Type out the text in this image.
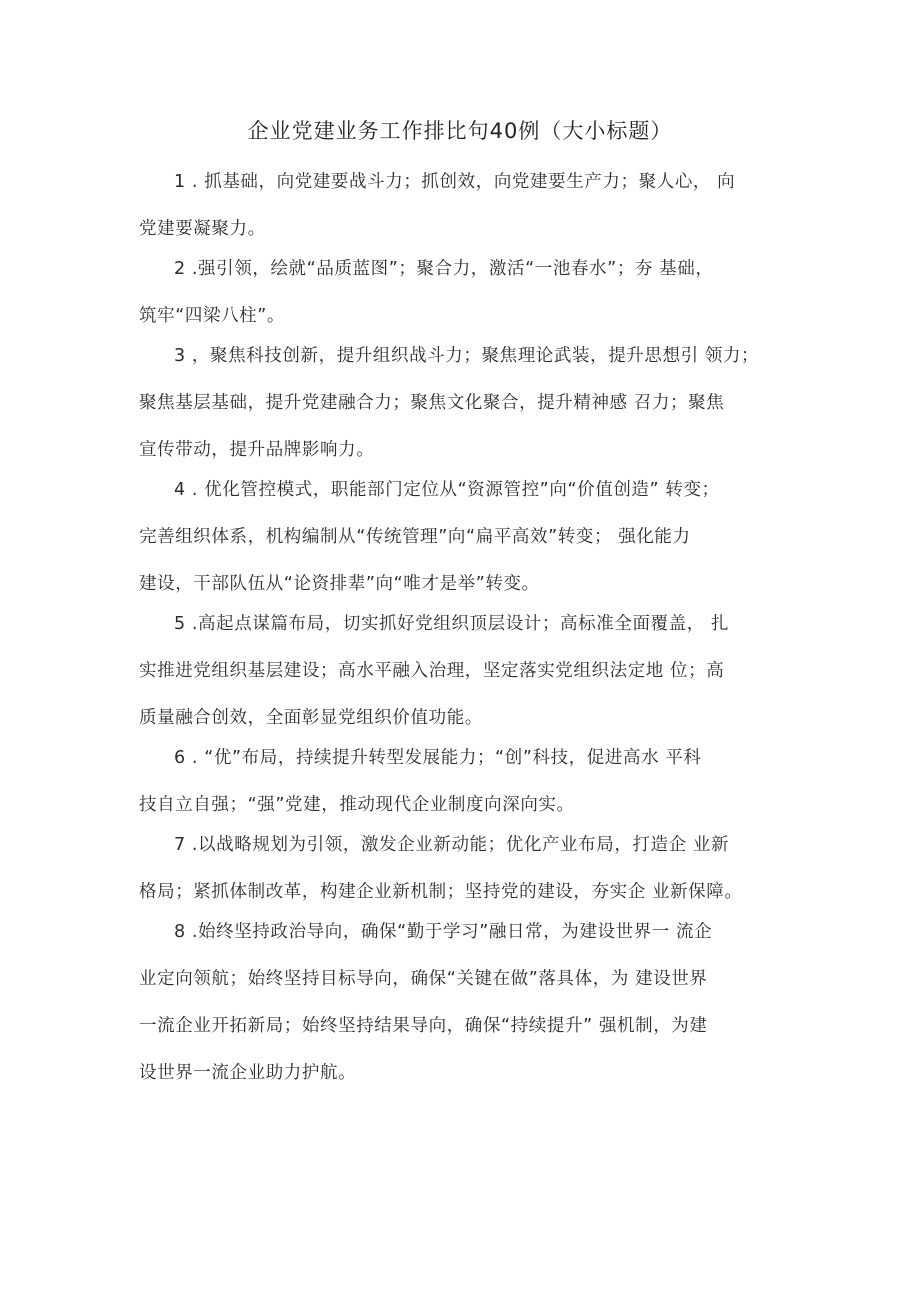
企业党建业务工作排比句40例（大小标题）

1 . 抓基础，向党建要战斗力；抓创效，向党建要生产力；聚人心， 向
党建要凝聚力。

2 .强引领，绘就“品质蓝图”；聚合力，激活“一池春水”；夯 基础，
筑牢“四梁八柱”。

3 ，聚焦科技创新，提升组织战斗力；聚焦理论武装，提升思想引 领力；
聚焦基层基础，提升党建融合力；聚焦文化聚合，提升精神感 召力；聚焦
宣传带动，提升品牌影响力。

4 . 优化管控模式，职能部门定位从“资源管控”向“价值创造” 转变；
完善组织体系，机构编制从“传统管理”向“扁平高效”转变； 强化能力
建设，干部队伍从“论资排辈”向“唯才是举”转变。

5 .高起点谋篇布局，切实抓好党组织顶层设计；高标准全面覆盖， 扎
实推进党组织基层建设；高水平融入治理，坚定落实党组织法定地 位；高
质量融合创效，全面彰显党组织价值功能。

6 . “优”布局，持续提升转型发展能力；“创”科技，促进高水 平科
技自立自强；“强”党建，推动现代企业制度向深向实。

7 .以战略规划为引领，激发企业新动能；优化产业布局，打造企 业新
格局；紧抓体制改革，构建企业新机制；坚持党的建设，夯实企 业新保障。

8 .始终坚持政治导向，确保“勤于学习”融日常，为建设世界一 流企
业定向领航；始终坚持目标导向，确保“关键在做”落具体，为 建设世界
一流企业开拓新局；始终坚持结果导向，确保“持续提升” 强机制，为建
设世界一流企业助力护航。
